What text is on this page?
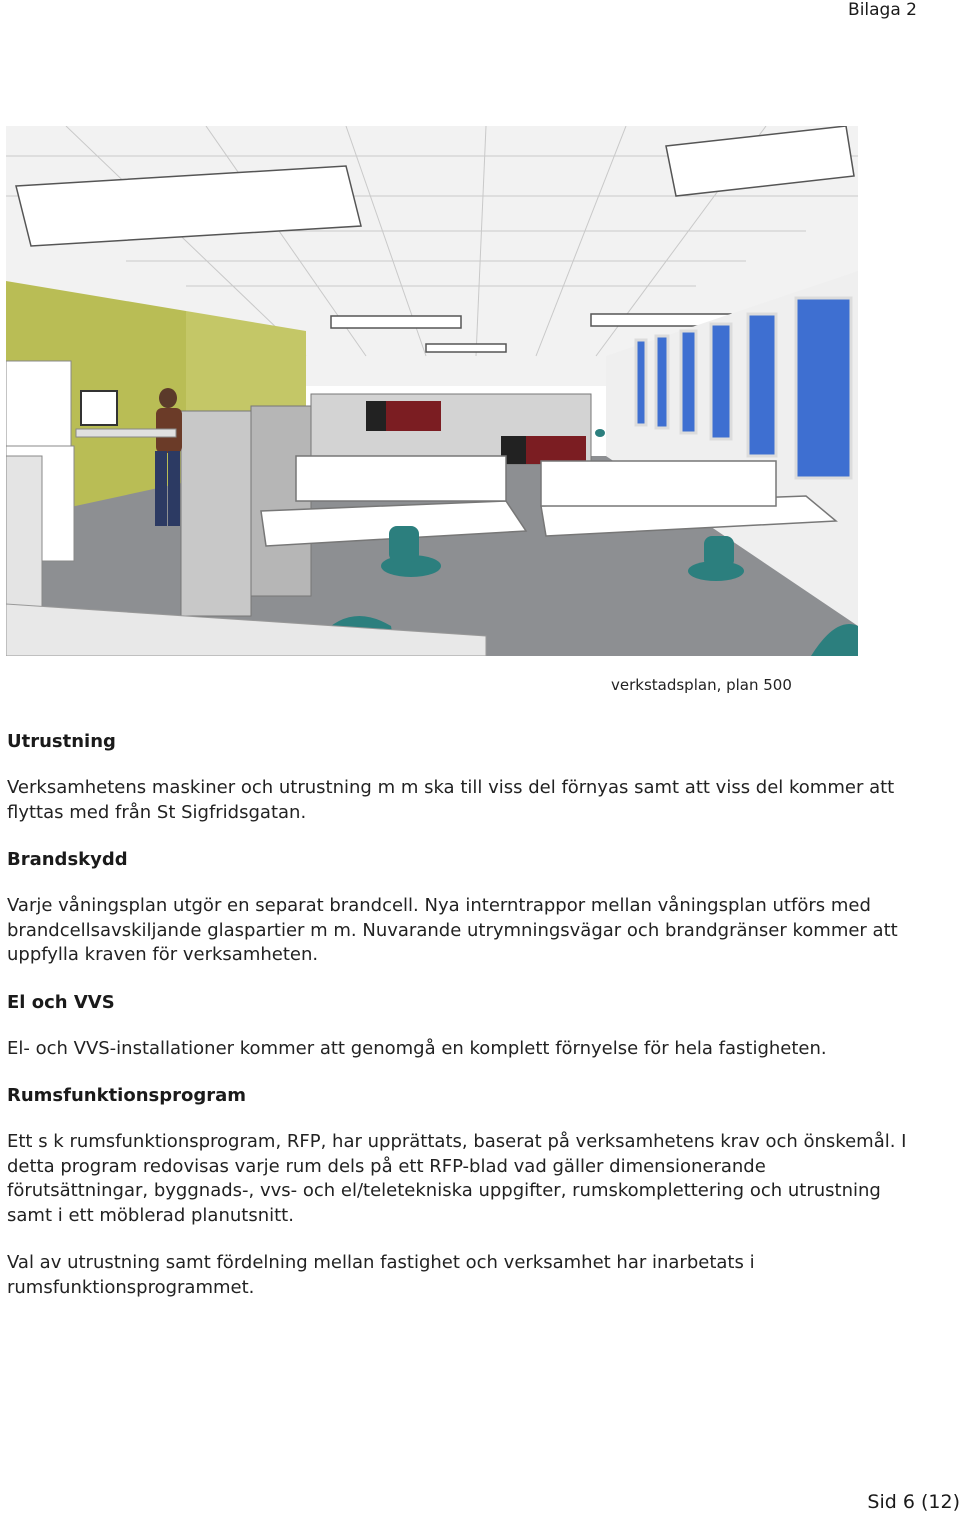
Bilaga 2
verkstadsplan, plan 500
Utrustning

Verksamhetens maskiner och utrustning m m ska till viss del förnyas samt att viss del kommer att flyttas med från St Sigfridsgatan.

Brandskydd

Varje våningsplan utgör en separat brandcell. Nya interntrappor mellan våningsplan utförs med brandcellsavskiljande glaspartier m m. Nuvarande utrymningsvägar och brandgränser kommer att uppfylla kraven för verksamheten.

El och VVS

El- och VVS-installationer kommer att genomgå en komplett förnyelse för hela fastigheten.

Rumsfunktionsprogram

Ett s k rumsfunktionsprogram, RFP, har upprättats, baserat på verksamhetens krav och önskemål. I detta program redovisas varje rum dels på ett RFP-blad vad gäller dimensionerande förutsättningar, byggnads-, vvs- och el/teletekniska uppgifter, rumskomplettering och utrustning samt i ett möblerad planutsnitt.

Val av utrustning samt fördelning mellan fastighet och verksamhet har inarbetats i rumsfunktionsprogrammet.

Sid 6 (12)
